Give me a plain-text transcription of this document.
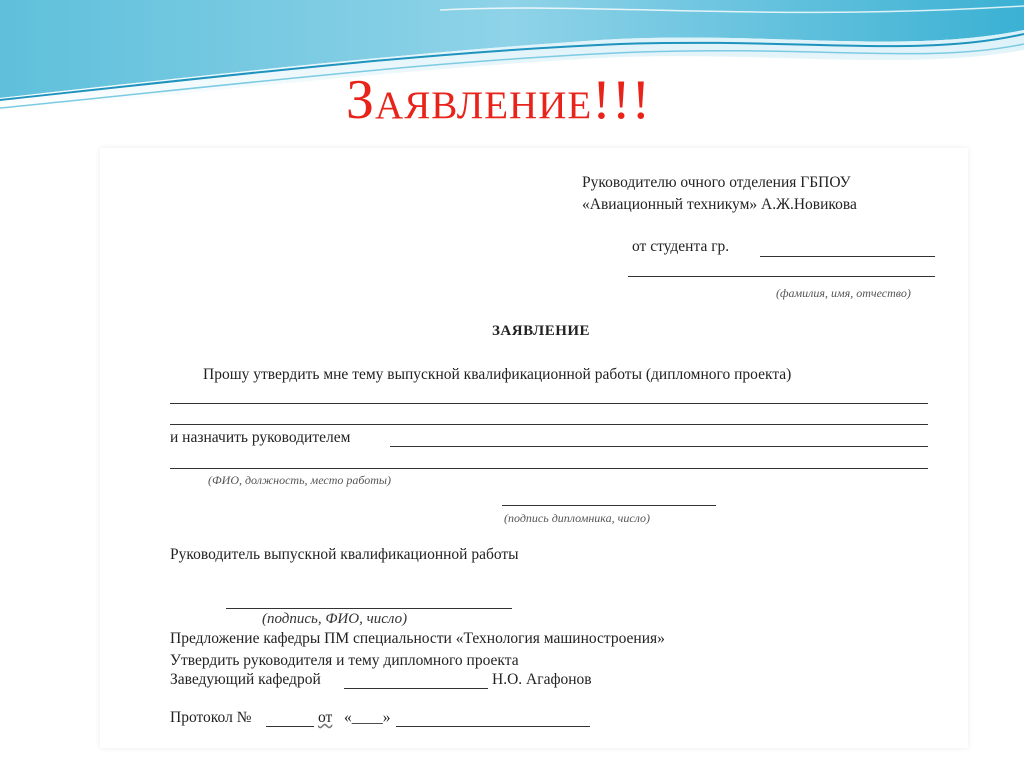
Заявление!!!

Руководителю очного отделения ГБПОУ

«Авиационный техникум» А.Ж.Новикова

от студента гр.

(фамилия, имя, отчество)

ЗАЯВЛЕНИЕ

Прошу утвердить мне тему выпускной квалификационной работы (дипломного проекта)

и назначить руководителем

(ФИО, должность, место работы)

(подпись дипломника, число)

Руководитель выпускной квалификационной работы

(подпись, ФИО, число)

Предложение кафедры ПМ специальности «Технология машиностроения»

Утвердить руководителя и тему дипломного проекта

Заведующий кафедрой	Н.О. Агафонов

Протокол №	от «____»
